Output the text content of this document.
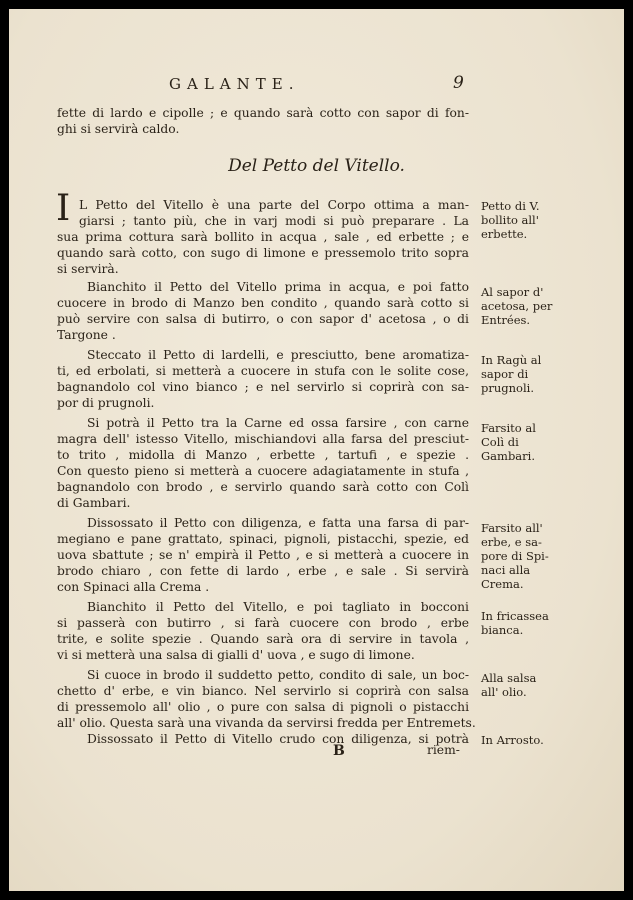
GALANTE.	9
fette di lardo e cipolle ; e quando sarà cotto con sapor di fon-
ghi si servirà caldo.
Del Petto del Vitello.
I L Petto del Vitello è una parte del Corpo ottima a man-
giarsi ; tanto più, che in varj modi si può preparare . La
sua prima cottura sarà bollito in acqua , sale , ed erbette ; e
quando sarà cotto, con sugo di limone e pressemolo trito sopra
si servirà.
Bianchito il Petto del Vitello prima in acqua, e poi fatto
cuocere in brodo di Manzo ben condito , quando sarà cotto si
può servire con salsa di butirro, o con sapor d' acetosa , o di
Targone .
Steccato il Petto di lardelli, e presciutto, bene aromatiza-
ti, ed erbolati, si metterà a cuocere in stufa con le solite cose,
bagnandolo col vino bianco ; e nel servirlo si coprirà con sa-
por di prugnoli.
Si potrà il Petto tra la Carne ed ossa farsire , con carne
magra dell' istesso Vitello, mischiandovi alla farsa del presciut-
to trito , midolla di Manzo , erbette , tartufi , e spezie .
Con questo pieno si metterà a cuocere adagiatamente in stufa ,
bagnandolo con brodo , e servirlo quando sarà cotto con Colì
di Gambari.
Dissossato il Petto con diligenza, e fatta una farsa di par-
megiano e pane grattato, spinaci, pignoli, pistacchi, spezie, ed
uova sbattute ; se n' empirà il Petto , e si metterà a cuocere in
brodo chiaro , con fette di lardo , erbe , e sale . Si servirà
con Spinaci alla Crema .
Bianchito il Petto del Vitello, e poi tagliato in bocconi
si passerà con butirro , si farà cuocere con brodo , erbe
trite, e solite spezie . Quando sarà ora di servire in tavola ,
vi si metterà una salsa di gialli d' uova , e sugo di limone.
Si cuoce in brodo il suddetto petto, condito di sale, un boc-
chetto d' erbe, e vin bianco. Nel servirlo si coprirà con salsa
di pressemolo all' olio , o pure con salsa di pignoli o pistacchi
all' olio. Questa sarà una vivanda da servirsi fredda per Entremets.
Dissossato il Petto di Vitello crudo con diligenza, si potrà
B	riem-
Petto di V.
bollito all'
erbette.
Al sapor d'
acetosa, per
Entrées.
In Ragù al
sapor di
prugnoli.
Farsito al
Colì di
Gambari.
Farsito all'
erbe, e sa-
pore di Spi-
naci alla
Crema.
In fricassea
bianca.
Alla salsa
all' olio.
In Arrosto.
